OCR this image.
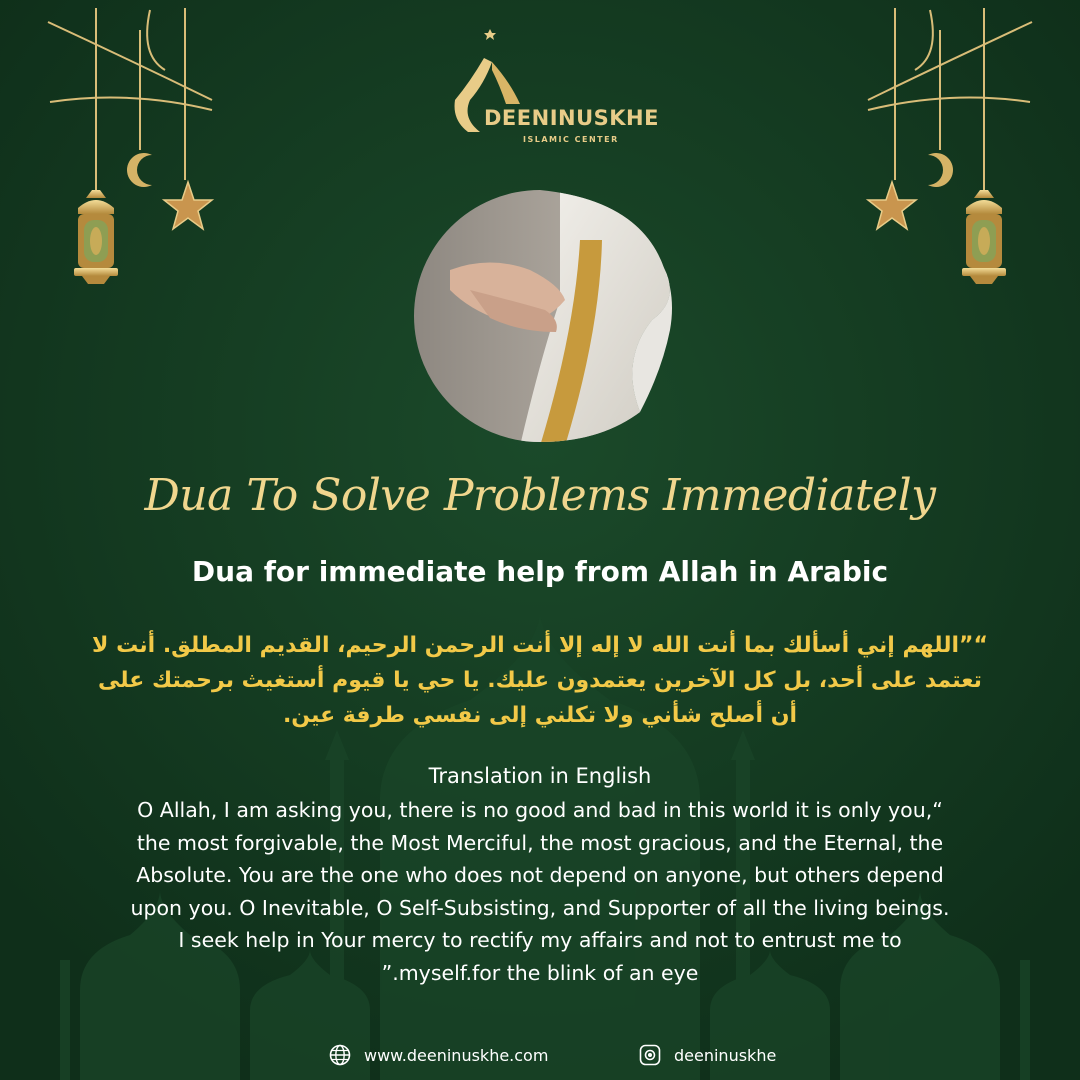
DEENINUSKHE
ISLAMIC CENTER
Dua To Solve Problems Immediately
Dua for immediate help from Allah in Arabic
“”اللهم إني أسألك بما أنت الله لا إله إلا أنت الرحمن الرحيم، القديم المطلق. أنت لا تعتمد على أحد، بل كل الآخرين يعتمدون عليك. يا حي يا قيوم أستغيث برحمتك على أن أصلح شأني ولا تكلني إلى نفسي طرفة عين.
Translation in English
O Allah, I am asking you, there is no good and bad in this world it is only you,“
the most forgivable, the Most Merciful, the most gracious, and the Eternal, the
Absolute. You are the one who does not depend on anyone, but others depend
upon you. O Inevitable, O Self-Subsisting, and Supporter of all the living beings.
I seek help in Your mercy to rectify my affairs and not to entrust me to
”.myself.for the blink of an eye
www.deeninuskhe.com	deeninuskhe
